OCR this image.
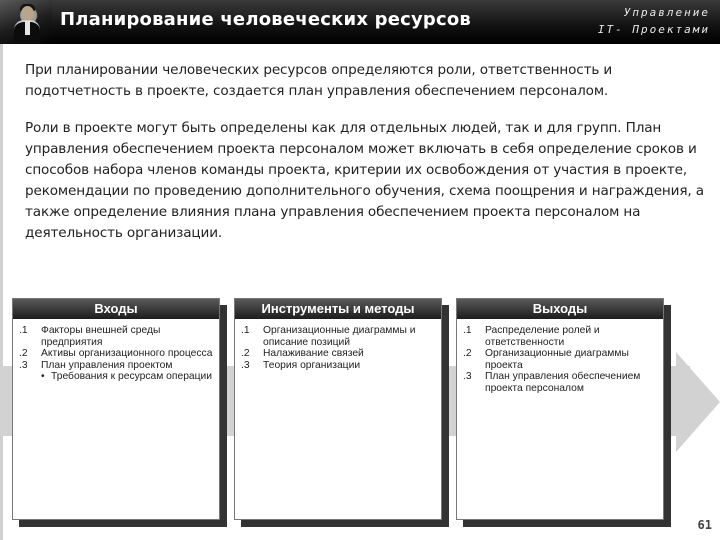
Планирование человеческих ресурсов	Управление
IT- Проектами

При планировании человеческих ресурсов определяются роли, ответственность и подотчетность в проекте, создается план управления обеспечением персоналом.

Роли в проекте могут быть определены как для отдельных людей, так и для групп. План управления обеспечением проекта персоналом может включать в себя определение сроков и способов набора членов команды проекта, критерии их освобождения от участия в проекте, рекомендации по проведению дополнительного обучения, схема поощрения и награждения, а также определение влияния плана управления обеспечением проекта персоналом на деятельность организации.

Входы
.1	Факторы внешней среды предприятия
.2	Активы организационного процесса
.3	План управления проектом
• Требования к ресурсам операции
Инструменты и методы
.1	Организационные диаграммы и описание позиций
.2	Налаживание связей
.3	Теория организации
Выходы
.1	Распределение ролей и ответственности
.2	Организационные диаграммы проекта
.3	План управления обеспечением проекта персоналом
61
